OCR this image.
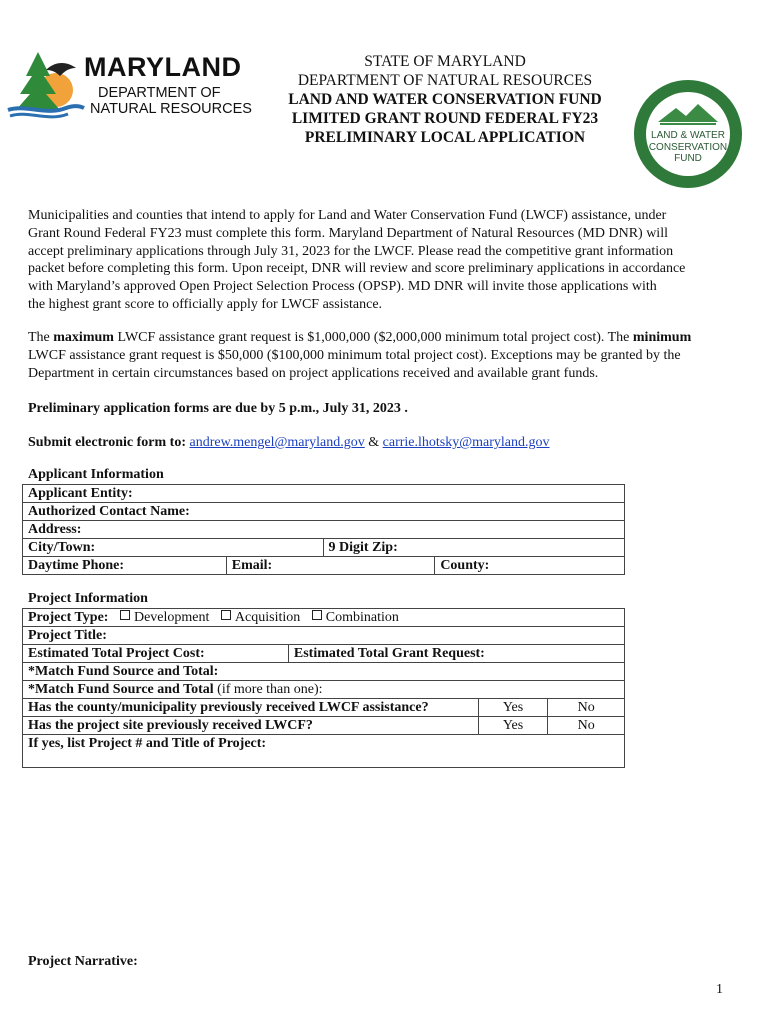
MARYLAND
DEPARTMENT OF
NATURAL RESOURCES
STATE OF MARYLAND
DEPARTMENT OF NATURAL RESOURCES
LAND AND WATER CONSERVATION FUND
LIMITED GRANT ROUND FEDERAL FY23
PRELIMINARY LOCAL APPLICATION	LAND & WATER
CONSERVATION
FUND
Municipalities and counties that intend to apply for Land and Water Conservation Fund (LWCF) assistance, under
Grant Round Federal FY23 must complete this form. Maryland Department of Natural Resources (MD DNR) will
accept preliminary applications through July 31, 2023 for the LWCF. Please read the competitive grant information
packet before completing this form. Upon receipt, DNR will review and score preliminary applications in accordance
with Maryland’s approved Open Project Selection Process (OPSP). MD DNR will invite those applications with
the highest grant score to officially apply for LWCF assistance.
The maximum LWCF assistance grant request is $1,000,000 ($2,000,000 minimum total project cost). The minimum
LWCF assistance grant request is $50,000 ($100,000 minimum total project cost). Exceptions may be granted by the
Department in certain circumstances based on project applications received and available grant funds.
Preliminary application forms are due by 5 p.m., July 31, 2023 .
Submit electronic form to: andrew.mengel@maryland.gov & carrie.lhotsky@maryland.gov
Applicant Information
Applicant Entity:			
Authorized Contact Name:			
Address:			
City/Town:		9 Digit Zip:	
Daytime Phone:	Email:		County:
Project Information
Project Type: Development Acquisition Combination			
Project Title:			
Estimated Total Project Cost:	Estimated Total Grant Request:		
*Match Fund Source and Total:			
*Match Fund Source and Total (if more than one):			
Has the county/municipality previously received LWCF assistance?		Yes	No
Has the project site previously received LWCF?		Yes	No
If yes, list Project # and Title of Project:			
Project Narrative:
1
